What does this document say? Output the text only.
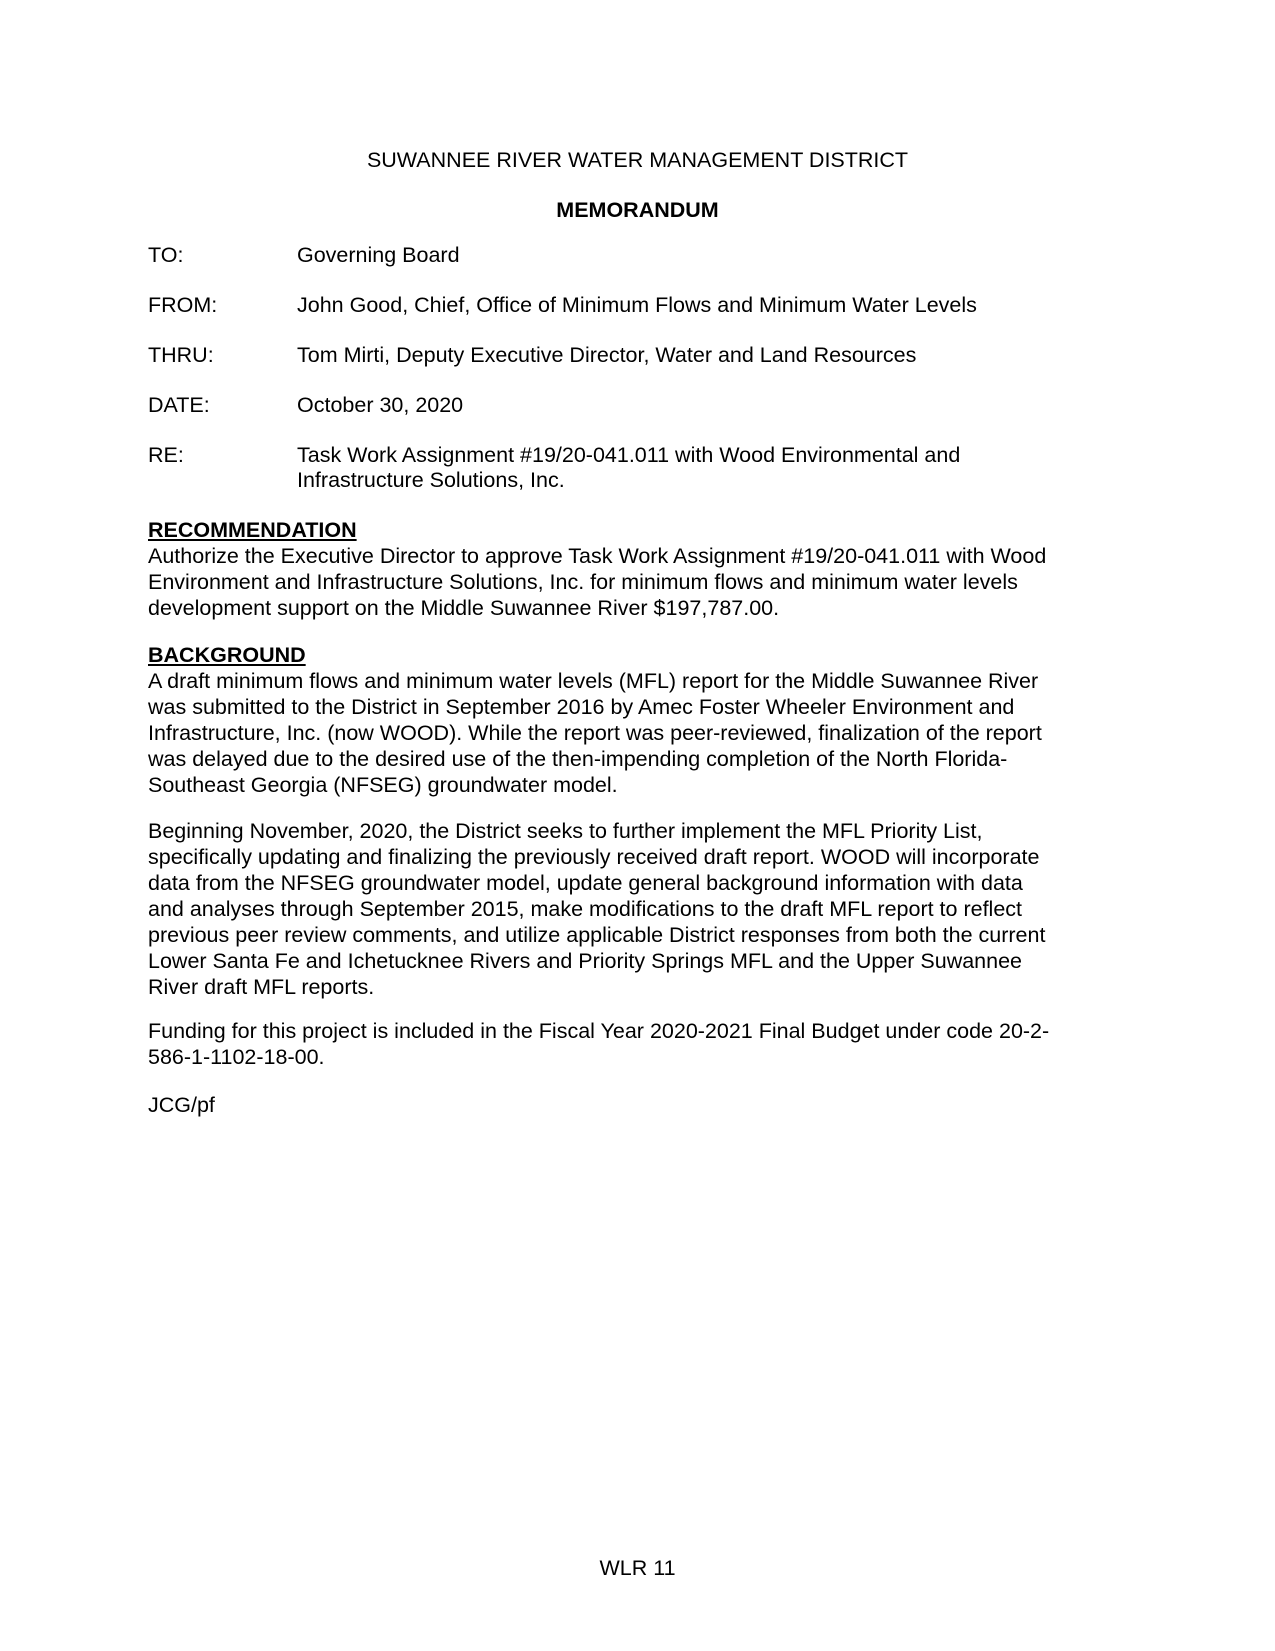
SUWANNEE RIVER WATER MANAGEMENT DISTRICT
MEMORANDUM
TO:	Governing Board
FROM:	John Good, Chief, Office of Minimum Flows and Minimum Water Levels
THRU:	Tom Mirti, Deputy Executive Director, Water and Land Resources
DATE:	October 30, 2020
RE:	Task Work Assignment #19/20-041.011 with Wood Environmental and
Infrastructure Solutions, Inc.
RECOMMENDATION
Authorize the Executive Director to approve Task Work Assignment #19/20-041.011 with Wood
Environment and Infrastructure Solutions, Inc. for minimum flows and minimum water levels
development support on the Middle Suwannee River $197,787.00.
BACKGROUND
A draft minimum flows and minimum water levels (MFL) report for the Middle Suwannee River
was submitted to the District in September 2016 by Amec Foster Wheeler Environment and
Infrastructure, Inc. (now WOOD). While the report was peer-reviewed, finalization of the report
was delayed due to the desired use of the then-impending completion of the North Florida-
Southeast Georgia (NFSEG) groundwater model.
Beginning November, 2020, the District seeks to further implement the MFL Priority List,
specifically updating and finalizing the previously received draft report. WOOD will incorporate
data from the NFSEG groundwater model, update general background information with data
and analyses through September 2015, make modifications to the draft MFL report to reflect
previous peer review comments, and utilize applicable District responses from both the current
Lower Santa Fe and Ichetucknee Rivers and Priority Springs MFL and the Upper Suwannee
River draft MFL reports.
Funding for this project is included in the Fiscal Year 2020-2021 Final Budget under code 20-2-
586-1-1102-18-00.
JCG/pf
WLR 11
